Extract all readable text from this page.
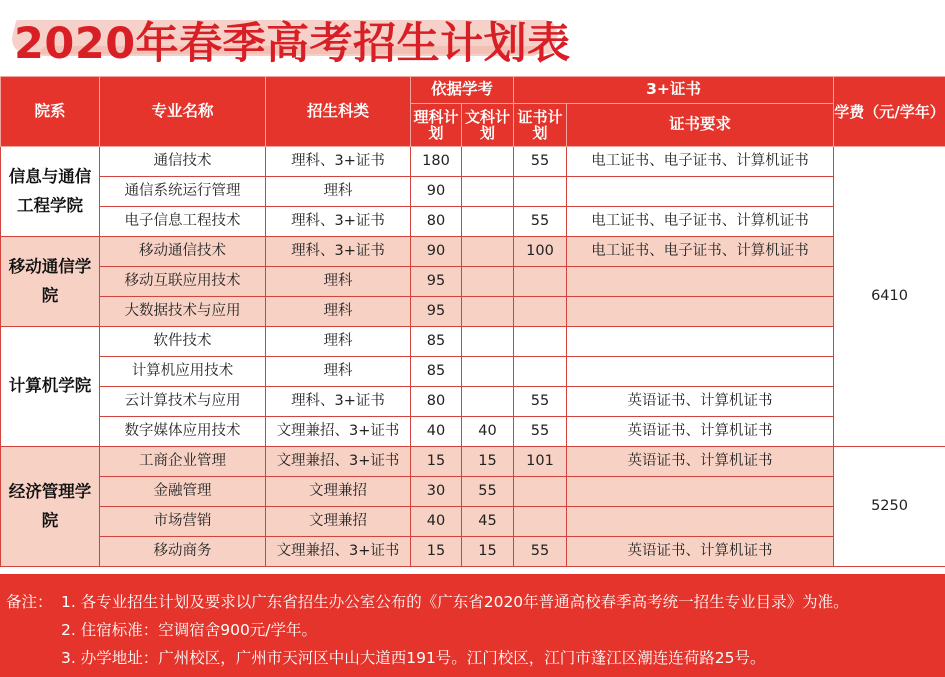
2020年春季高考招生计划表
院系	专业名称	招生科类	依据学考		3+证书		学费（元/学年）
			理科计划	文科计划	证书计划	证书要求	
信息与通信工程学院	通信技术	理科、3+证书	180		55	电工证书、电子证书、计算机证书	6410
	通信系统运行管理	理科	90				
	电子信息工程技术	理科、3+证书	80		55	电工证书、电子证书、计算机证书	
移动通信学院	移动通信技术	理科、3+证书	90		100	电工证书、电子证书、计算机证书	
	移动互联应用技术	理科	95				
	大数据技术与应用	理科	95				
计算机学院	软件技术	理科	85				
	计算机应用技术	理科	85				
	云计算技术与应用	理科、3+证书	80		55	英语证书、计算机证书	
	数字媒体应用技术	文理兼招、3+证书	40	40	55	英语证书、计算机证书	
经济管理学院	工商企业管理	文理兼招、3+证书	15	15	101	英语证书、计算机证书	5250
	金融管理	文理兼招	30	55			
	市场营销	文理兼招	40	45			
	移动商务	文理兼招、3+证书	15	15	55	英语证书、计算机证书	
备注： 1. 各专业招生计划及要求以广东省招生办公室公布的《广东省2020年普通高校春季高考统一招生专业目录》为准。
2. 住宿标准：空调宿舍900元/学年。
3. 办学地址：广州校区，广州市天河区中山大道西191号。江门校区，江门市蓬江区潮连连荷路25号。
